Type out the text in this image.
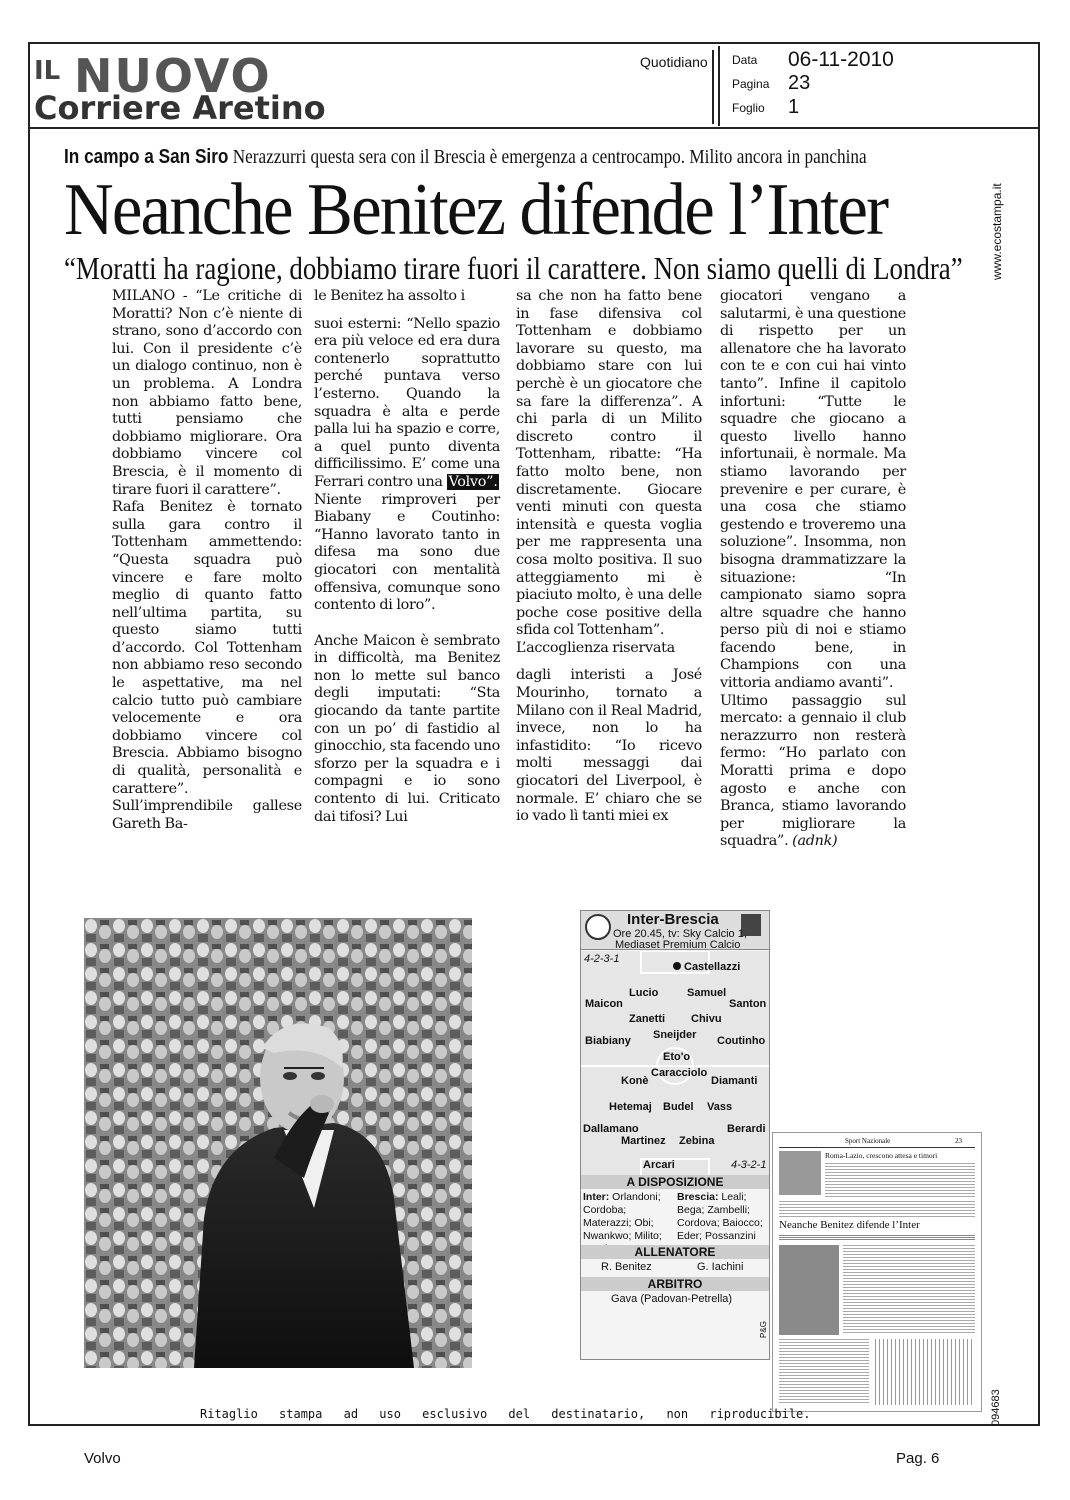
IL NUOVO
Corriere Aretino
Quotidiano	Data 06-11-2010
Pagina 23
Foglio 1
www.ecostampa.it
094683
In campo a San Siro Nerazzurri questa sera con il Brescia è emergenza a centrocampo. Milito ancora in panchina
Neanche Benitez difende l’Inter
“Moratti ha ragione, dobbiamo tirare fuori il carattere. Non siamo quelli di Londra”

MILANO - “Le critiche di Moratti? Non c’è niente di strano, sono d’accordo con lui. Con il presidente c’è un dialogo continuo, non è un problema. A Londra non abbiamo fatto bene, tutti pensiamo che dobbiamo migliorare. Ora dobbiamo vincere col Brescia, è il momento di tirare fuori il carattere”.

Rafa Benitez è tornato sulla gara contro il Tottenham ammettendo: “Questa squadra può vincere e fare molto meglio di quanto fatto nell’ultima partita, su questo siamo tutti d’accordo. Col Tottenham non abbiamo reso secondo le aspettative, ma nel calcio tutto può cambiare velocemente e ora dobbiamo vincere col Brescia. Abbiamo bisogno di qualità, personalità e carattere”. Sull’imprendibile gallese Gareth Ba-

le Benitez ha assolto i

suoi esterni: “Nello spazio era più veloce ed era dura contenerlo soprattutto perché puntava verso l’esterno. Quando la squadra è alta e perde palla lui ha spazio e corre, a quel punto diventa difficilissimo. E’ come una Ferrari contro una Volvo”.

Niente rimproveri per Biabany e Coutinho: “Hanno lavorato tanto in difesa ma sono due giocatori con mentalità offensiva, comunque sono contento di loro”.

Anche Maicon è sembrato in difficoltà, ma Benitez non lo mette sul banco degli imputati: “Sta giocando da tante partite con un po’ di fastidio al ginocchio, sta facendo uno sforzo per la squadra e i compagni e io sono contento di lui. Criticato dai tifosi? Lui

sa che non ha fatto bene in fase difensiva col Tottenham e dobbiamo lavorare su questo, ma dobbiamo stare con lui perchè è un giocatore che sa fare la differenza”. A chi parla di un Milito discreto contro il Tottenham, ribatte: “Ha fatto molto bene, non discretamente. Giocare venti minuti con questa intensità e questa voglia per me rappresenta una cosa molto positiva. Il suo atteggiamento mi è piaciuto molto, è una delle poche cose positive della sfida col Tottenham”.

L’accoglienza riservata

dagli interisti a José Mourinho, tornato a Milano con il Real Madrid, invece, non lo ha infastidito: “Io ricevo molti messaggi dai giocatori del Liverpool, è normale. E’ chiaro che se io vado lì tanti miei ex

giocatori vengano a salutarmi, è una questione di rispetto per un allenatore che ha lavorato con te e con cui hai vinto tanto”. Infine il capitolo infortuni: “Tutte le squadre che giocano a questo livello hanno infortunaii, è normale. Ma stiamo lavorando per prevenire e per curare, è una cosa che stiamo gestendo e troveremo una soluzione”. Insomma, non bisogna drammatizzare la situazione: “In campionato siamo sopra altre squadre che hanno perso più di noi e stiamo facendo bene, in Champions con una vittoria andiamo avanti”.

Ultimo passaggio sul mercato: a gennaio il club nerazzurro non resterà fermo: “Ho parlato con Moratti prima e dopo agosto e anche con Branca, stiamo lavorando per migliorare la squadra”. (adnk)

Inter-Brescia
Ore 20.45, tv: Sky Calcio 1,
Mediaset Premium Calcio
4-2-3-1
Castellazzi
Lucio	Samuel
Maicon	Santon
Zanetti Chivu
Sneijder
Biabiany	Coutinho
Eto'o
Caracciolo
Konè	Diamanti
Hetemaj Budel Vass
Dallamano	Berardi
Martinez Zebina
Arcari	4-3-2-1
A DISPOSIZIONE
Inter: Orlandoni; Cordoba; Materazzi; Obi; Nwankwo; Milito;
Brescia: Leali; Bega; Zambelli; Cordova; Baiocco; Eder; Possanzini
ALLENATORE
R. Benitez	G. Iachini
ARBITRO
Gava (Padovan-Petrella)
P&G
Sport Nazionale	23
Roma-Lazio, crescono attesa e timori
Neanche Benitez difende l’Inter
Ritaglio stampa ad uso esclusivo del destinatario, non riproducibile.
Volvo	Pag. 6
